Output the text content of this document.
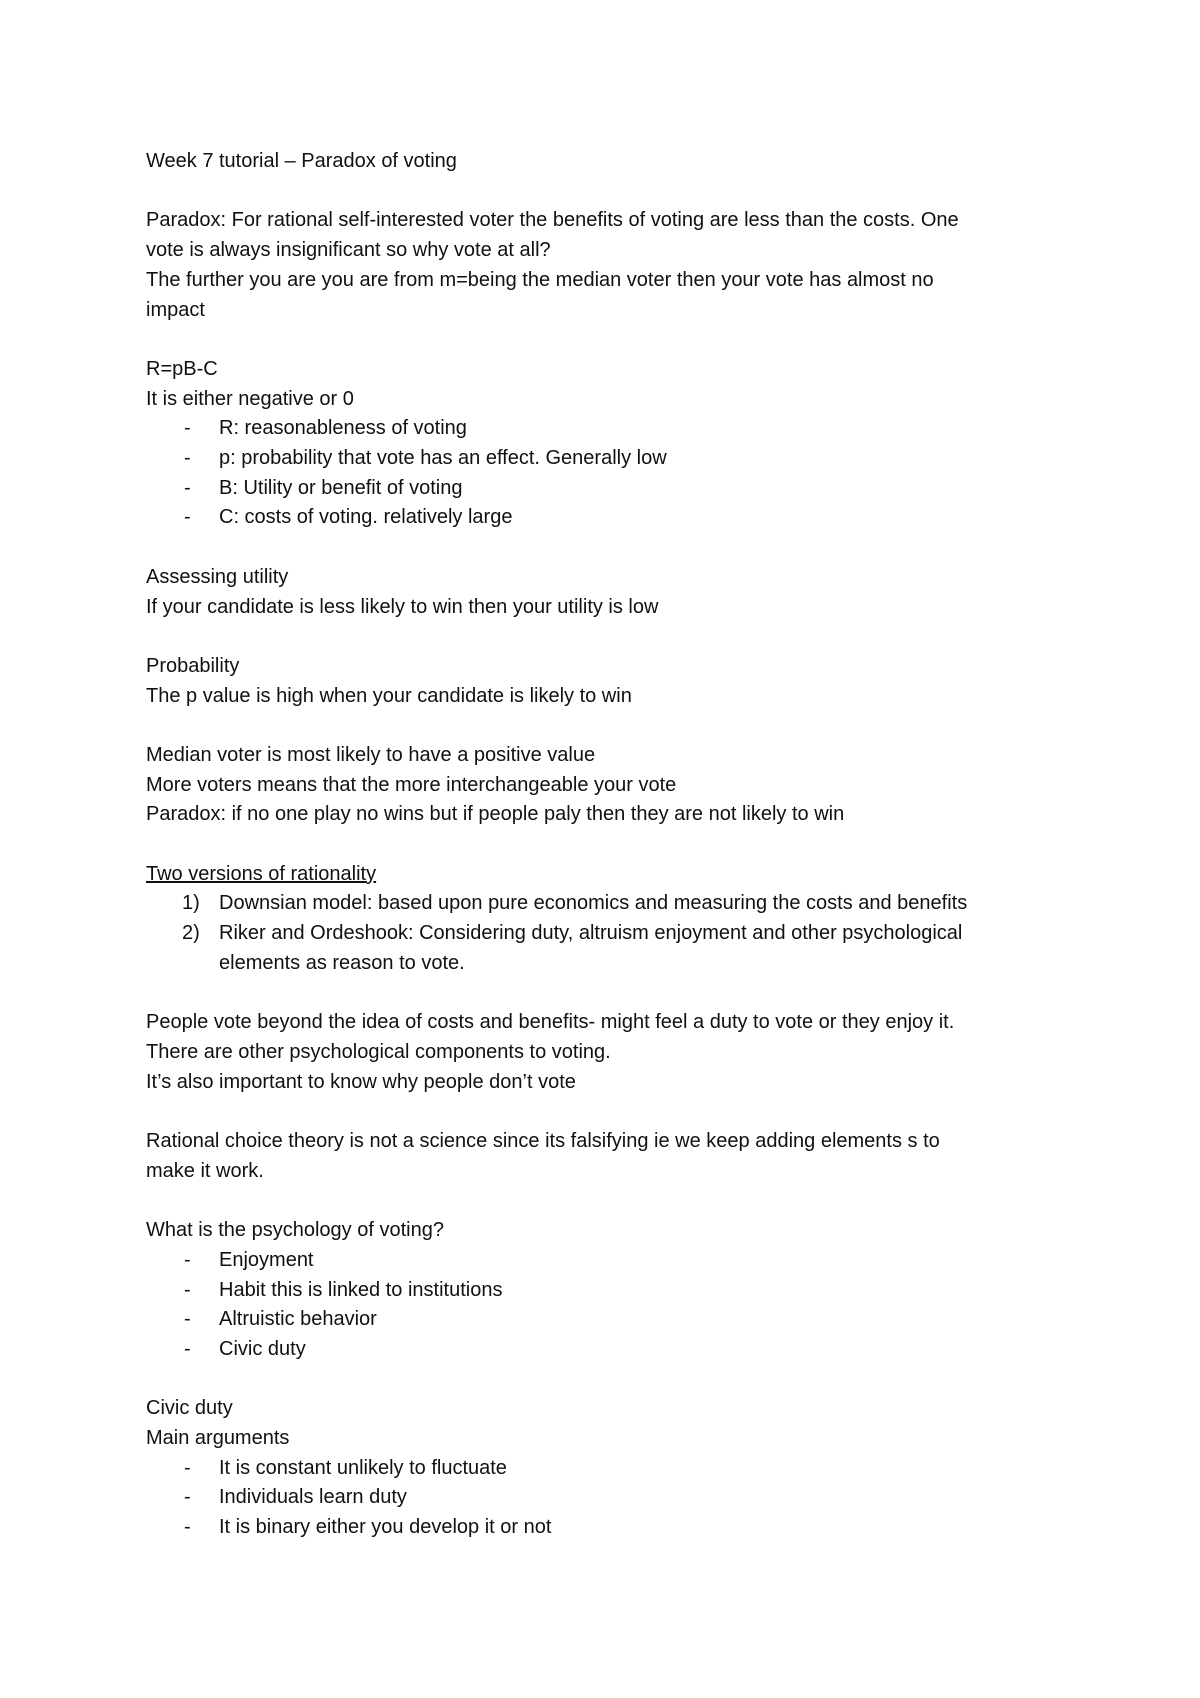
Week 7 tutorial – Paradox of voting

Paradox: For rational self-interested voter the benefits of voting are less than the costs. One

vote is always insignificant so why vote at all?

The further you are you are from m=being the median voter then your vote has almost no

impact

R=pB-C

It is either negative or 0

- R: reasonableness of voting
- p: probability that vote has an effect. Generally low
- B: Utility or benefit of voting
- C: costs of voting. relatively large

Assessing utility

If your candidate is less likely to win then your utility is low

Probability

The p value is high when your candidate is likely to win

Median voter is most likely to have a positive value

More voters means that the more interchangeable your vote

Paradox: if no one play no wins but if people paly then they are not likely to win

Two versions of rationality

1) Downsian model: based upon pure economics and measuring the costs and benefits
2) Riker and Ordeshook: Considering duty, altruism enjoyment and other psychological
elements as reason to vote.

People vote beyond the idea of costs and benefits- might feel a duty to vote or they enjoy it.

There are other psychological components to voting.

It’s also important to know why people don’t vote

Rational choice theory is not a science since its falsifying ie we keep adding elements s to

make it work.

What is the psychology of voting?

- Enjoyment
- Habit this is linked to institutions
- Altruistic behavior
- Civic duty

Civic duty

Main arguments

- It is constant unlikely to fluctuate
- Individuals learn duty
- It is binary either you develop it or not
